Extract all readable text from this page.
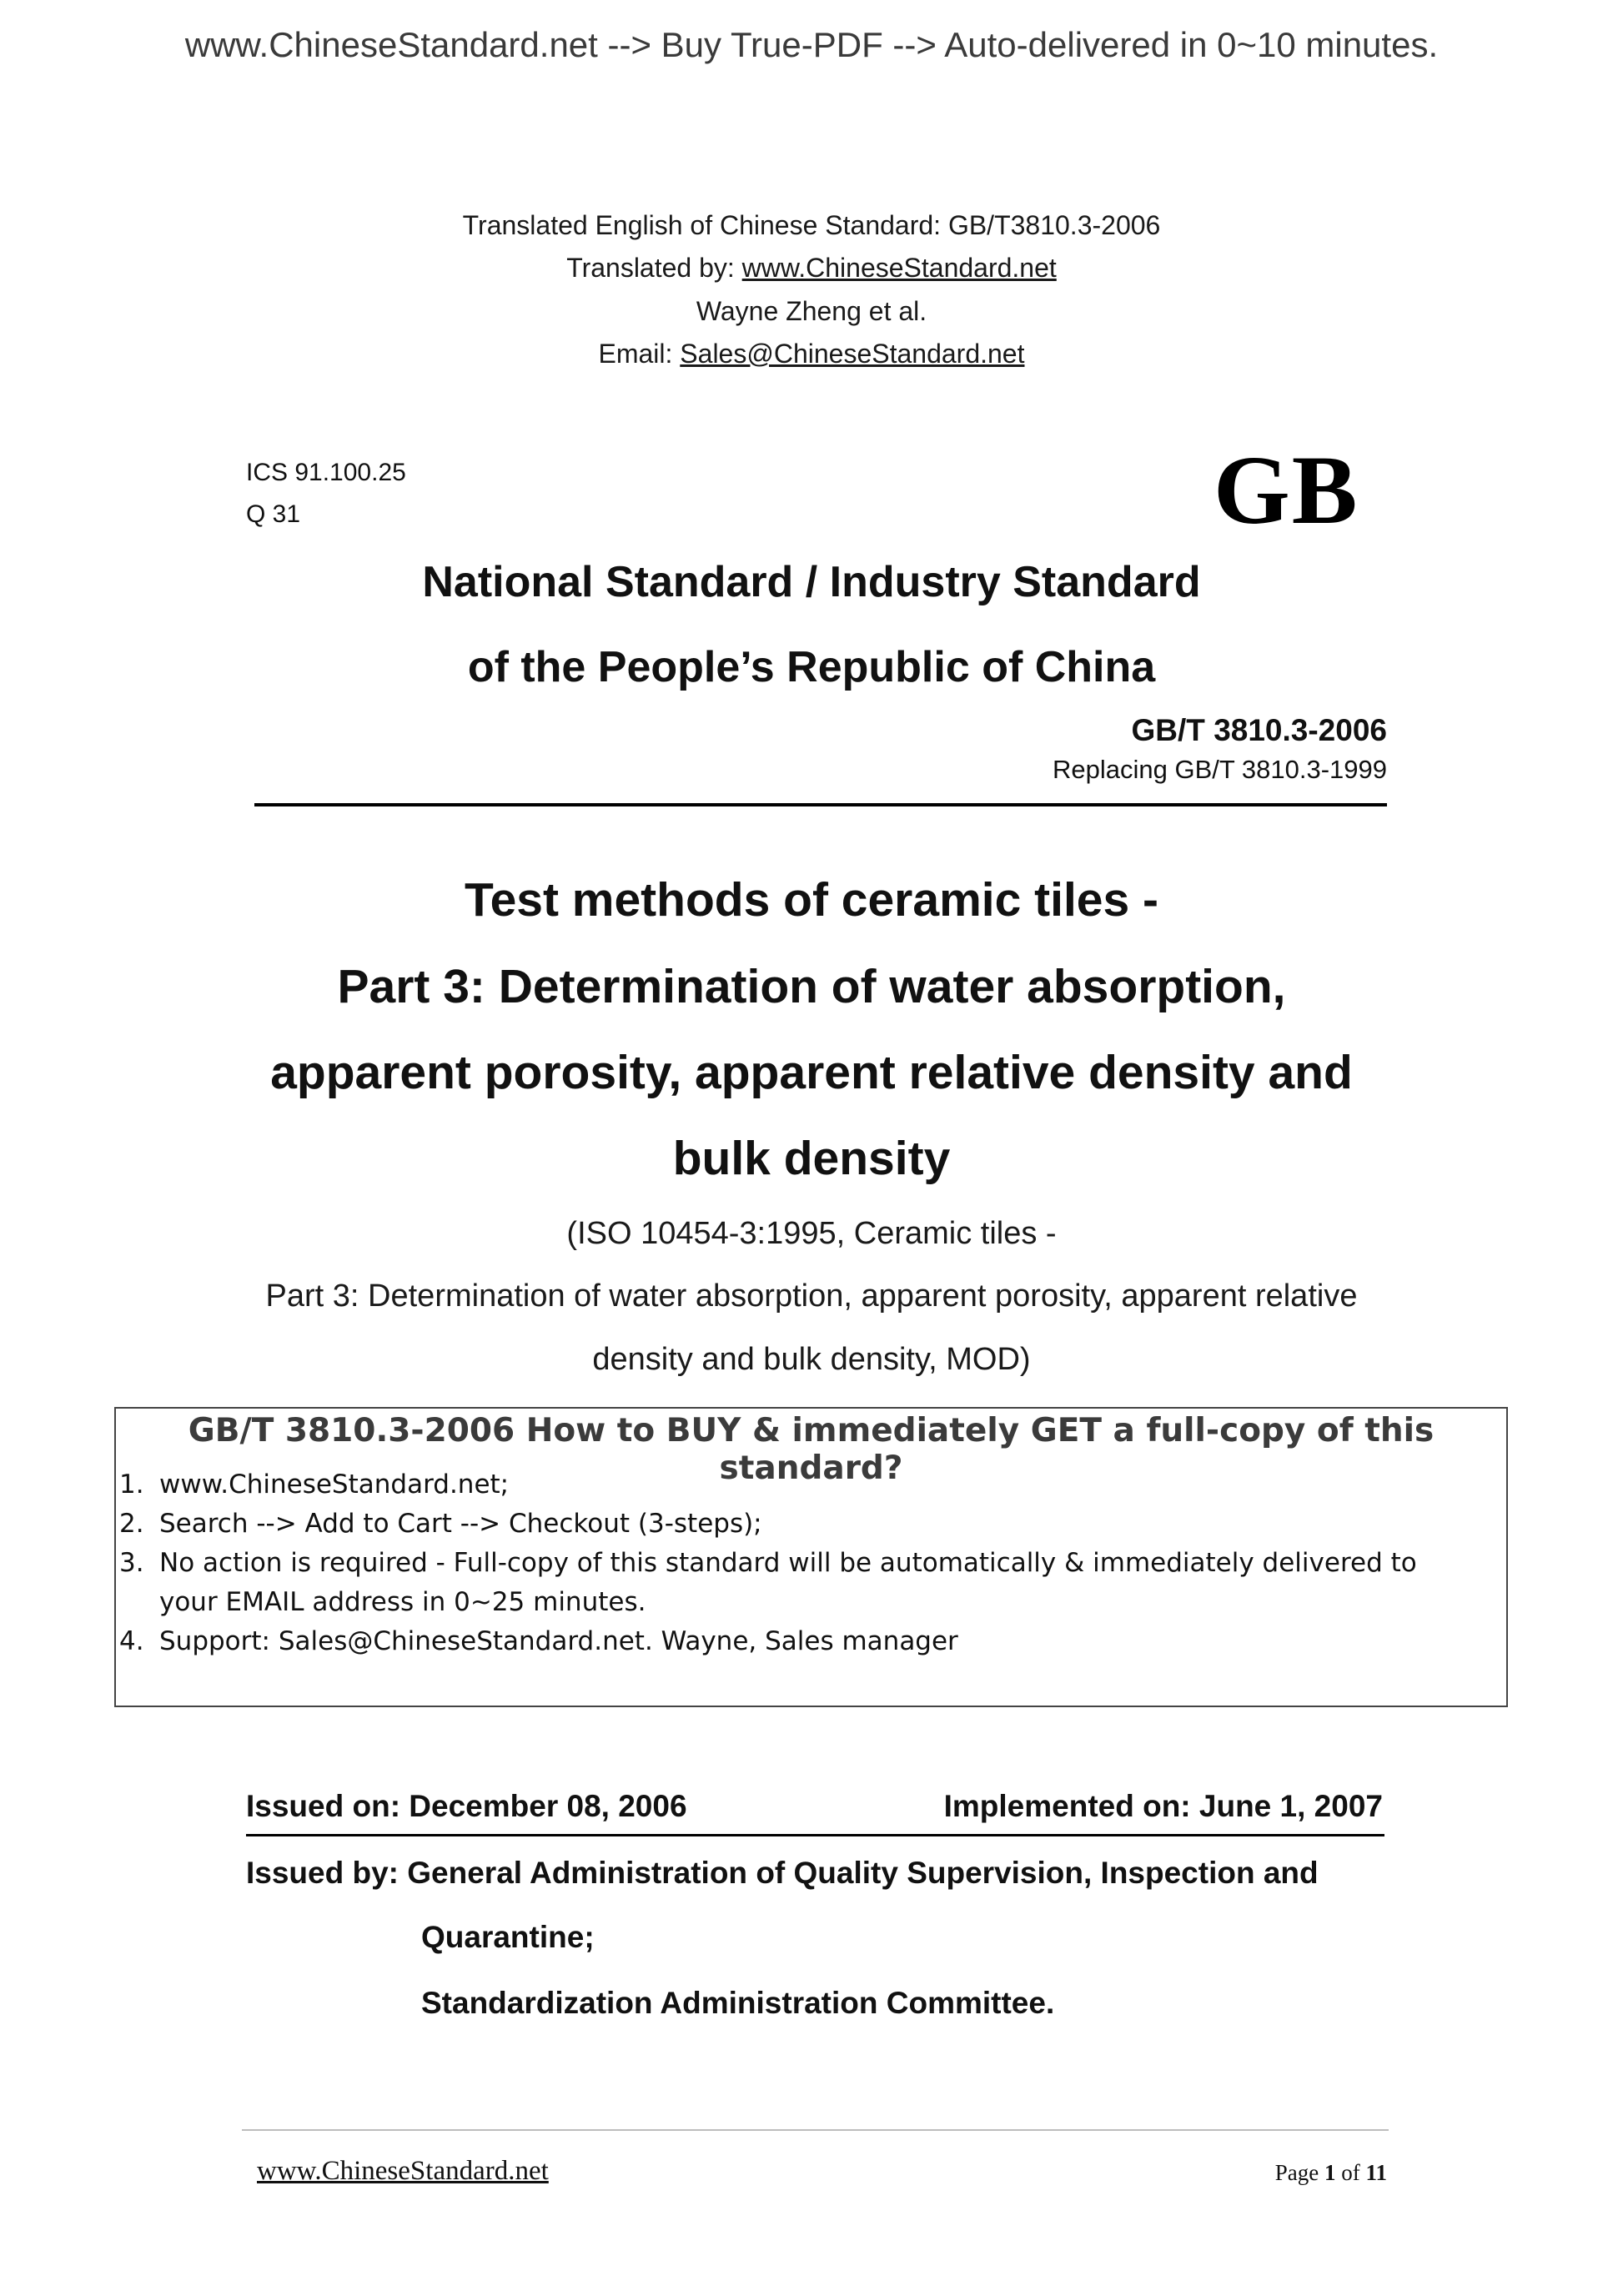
www.ChineseStandard.net --> Buy True-PDF --> Auto-delivered in 0~10 minutes.
Translated English of Chinese Standard: GB/T3810.3-2006
Translated by: www.ChineseStandard.net
Wayne Zheng et al.
Email: Sales@ChineseStandard.net
ICS 91.100.25
Q 31	GB
National Standard / Industry Standard
of the People’s Republic of China
GB/T 3810.3-2006
Replacing GB/T 3810.3-1999
Test methods of ceramic tiles -
Part 3: Determination of water absorption,
apparent porosity, apparent relative density and
bulk density
(ISO 10454-3:1995, Ceramic tiles -
Part 3: Determination of water absorption, apparent porosity, apparent relative
density and bulk density, MOD)
GB/T 3810.3-2006 How to BUY & immediately GET a full-copy of this standard?
1. www.ChineseStandard.net;
2. Search --> Add to Cart --> Checkout (3-steps);
3. No action is required - Full-copy of this standard will be automatically & immediately delivered to
your EMAIL address in 0~25 minutes.
4. Support: Sales@ChineseStandard.net. Wayne, Sales manager
Issued on: December 08, 2006	Implemented on: June 1, 2007
Issued by: General Administration of Quality Supervision, Inspection and
Quarantine;
Standardization Administration Committee.
www.ChineseStandard.net	Page 1 of 11
